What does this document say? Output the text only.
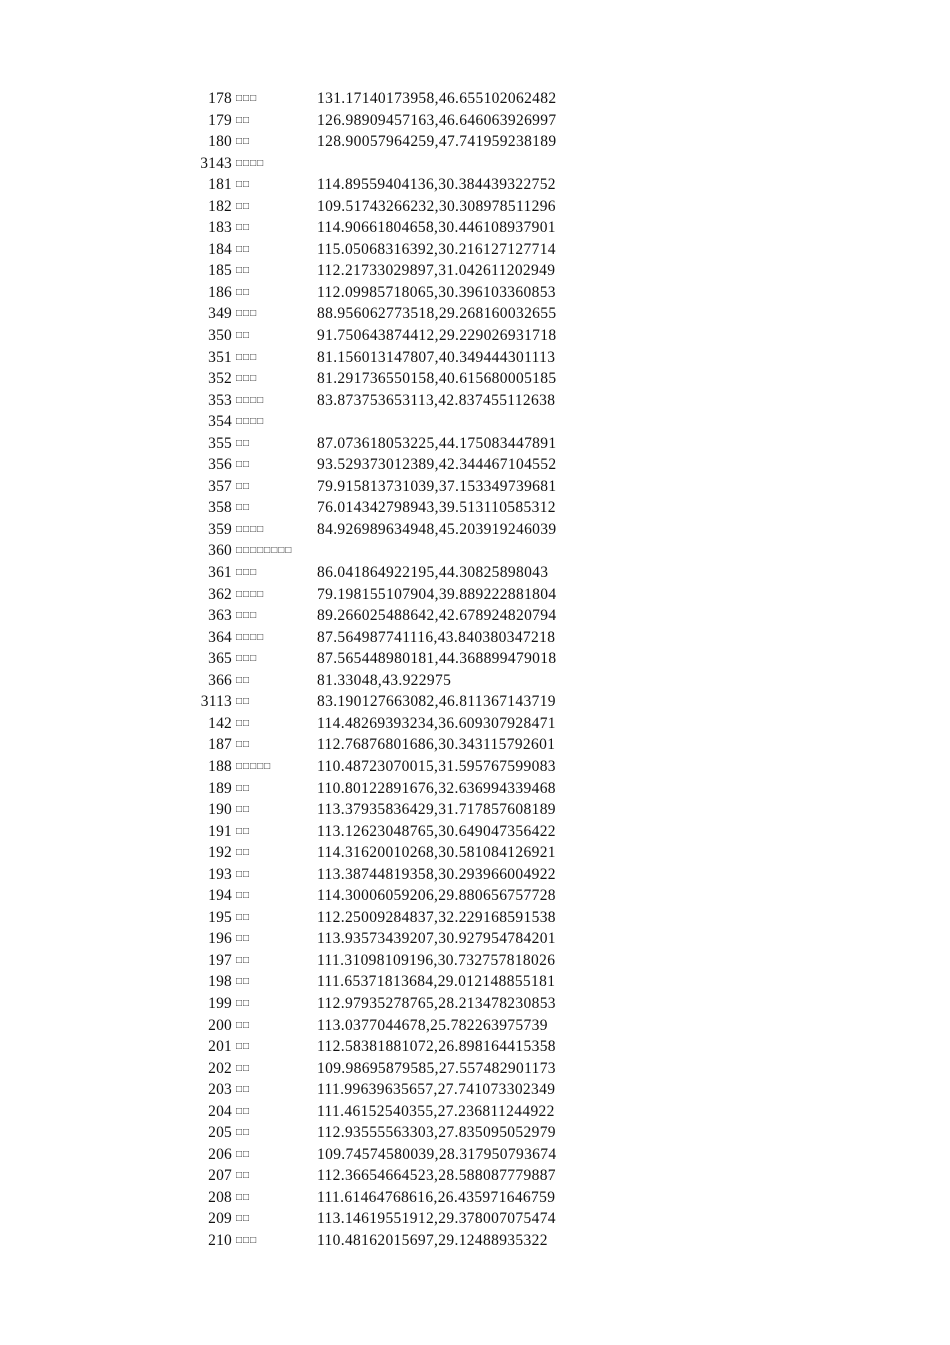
178 □□□	131.17140173958,46.655102062482
179 □□	126.98909457163,46.646063926997
180 □□	128.90057964259,47.741959238189
3143 □□□□
181 □□	114.89559404136,30.384439322752
182 □□	109.51743266232,30.308978511296
183 □□	114.90661804658,30.446108937901
184 □□	115.05068316392,30.216127127714
185 □□	112.21733029897,31.042611202949
186 □□	112.09985718065,30.396103360853
349 □□□	88.956062773518,29.268160032655
350 □□	91.750643874412,29.229026931718
351 □□□	81.156013147807,40.349444301113
352 □□□	81.291736550158,40.615680005185
353 □□□□	83.873753653113,42.837455112638
354 □□□□
355 □□	87.073618053225,44.175083447891
356 □□	93.529373012389,42.344467104552
357 □□	79.915813731039,37.153349739681
358 □□	76.014342798943,39.513110585312
359 □□□□	84.926989634948,45.203919246039
360 □□□□□□□□
361 □□□	86.041864922195,44.30825898043
362 □□□□	79.198155107904,39.889222881804
363 □□□	89.266025488642,42.678924820794
364 □□□□	87.564987741116,43.840380347218
365 □□□	87.565448980181,44.368899479018
366 □□	81.33048,43.922975
3113 □□	83.190127663082,46.811367143719
142 □□	114.48269393234,36.609307928471
187 □□	112.76876801686,30.343115792601
188 □□□□□	110.48723070015,31.595767599083
189 □□	110.80122891676,32.636994339468
190 □□	113.37935836429,31.717857608189
191 □□	113.12623048765,30.649047356422
192 □□	114.31620010268,30.581084126921
193 □□	113.38744819358,30.293966004922
194 □□	114.30006059206,29.880656757728
195 □□	112.25009284837,32.229168591538
196 □□	113.93573439207,30.927954784201
197 □□	111.31098109196,30.732757818026
198 □□	111.65371813684,29.012148855181
199 □□	112.97935278765,28.213478230853
200 □□	113.0377044678,25.782263975739
201 □□	112.58381881072,26.898164415358
202 □□	109.98695879585,27.557482901173
203 □□	111.99639635657,27.741073302349
204 □□	111.46152540355,27.236811244922
205 □□	112.93555563303,27.835095052979
206 □□	109.74574580039,28.317950793674
207 □□	112.36654664523,28.588087779887
208 □□	111.61464768616,26.435971646759
209 □□	113.14619551912,29.378007075474
210 □□□	110.48162015697,29.12488935322
